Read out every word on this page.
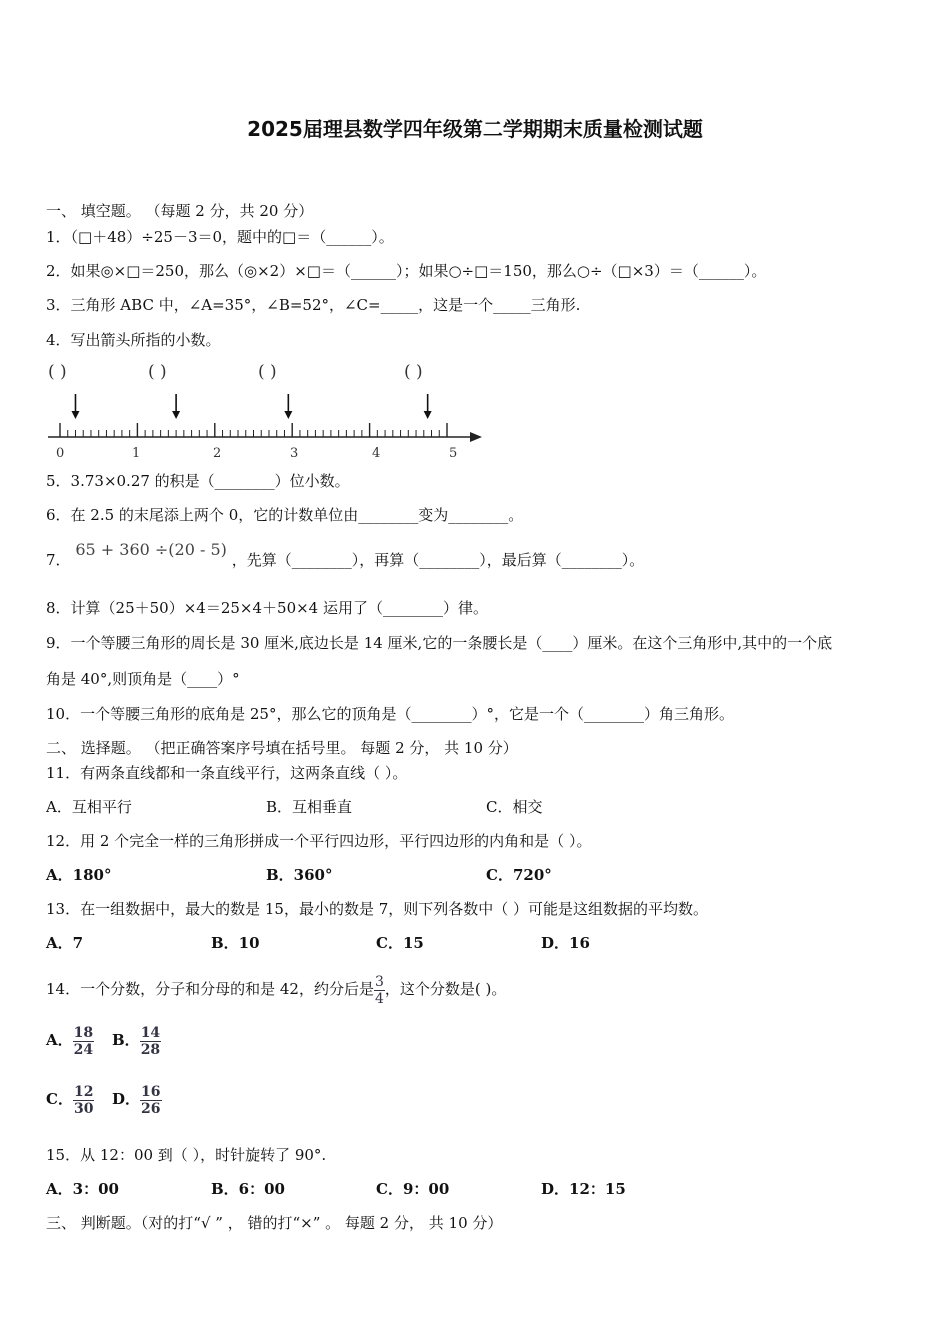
2025届理县数学四年级第二学期期末质量检测试题
一、 填空题。 （每题 2 分，共 20 分）
1．（□＋48）÷25－3＝0，题中的□＝（______）。
2．如果◎×□＝250，那么（◎×2）×□＝（______）；如果○÷□＝150，那么○÷（□×3）＝（______）。
3．三角形 ABC 中，∠A=35°，∠B=52°，∠C=_____，这是一个_____三角形.
4．写出箭头所指的小数。
( )	( )	( )	( )
0	1	2	3	4	5
5．3.73×0.27 的积是（________）位小数。
6．在 2.5 的末尾添上两个 0，它的计数单位由________变为________。
7． 65 + 360 ÷(20 - 5) ，先算（________），再算（________），最后算（________）。
8．计算（25＋50）×4＝25×4＋50×4 运用了（________）律。
9．一个等腰三角形的周长是 30 厘米,底边长是 14 厘米,它的一条腰长是（____）厘米。在这个三角形中,其中的一个底
角是 40°,则顶角是（____）°
10．一个等腰三角形的底角是 25°，那么它的顶角是（________）°，它是一个（________）角三角形。
二、 选择题。 （把正确答案序号填在括号里。 每题 2 分， 共 10 分）
11．有两条直线都和一条直线平行，这两条直线（ ）。
A．互相平行	B．互相垂直	C．相交
12．用 2 个完全一样的三角形拼成一个平行四边形，平行四边形的内角和是（ ）。
A．180°	B．360°	C．720°
13．在一组数据中，最大的数是 15，最小的数是 7，则下列各数中（ ）可能是这组数据的平均数。
A．7	B．10	C．15	D．16
14．一个分数，分子和分母的和是 42，约分后是 $\frac{3}{4}$ ，这个分数是( )。
A． $\frac{18}{24}$ B． $\frac{14}{28}$
C． $\frac{12}{30}$ D． $\frac{16}{26}$
15．从 12：00 到（ ），时针旋转了 90°.
A．3：00	B．6：00	C．9：00	D．12：15
三、 判断题。（对的打“√ ” ， 错的打“×” 。 每题 2 分， 共 10 分）
